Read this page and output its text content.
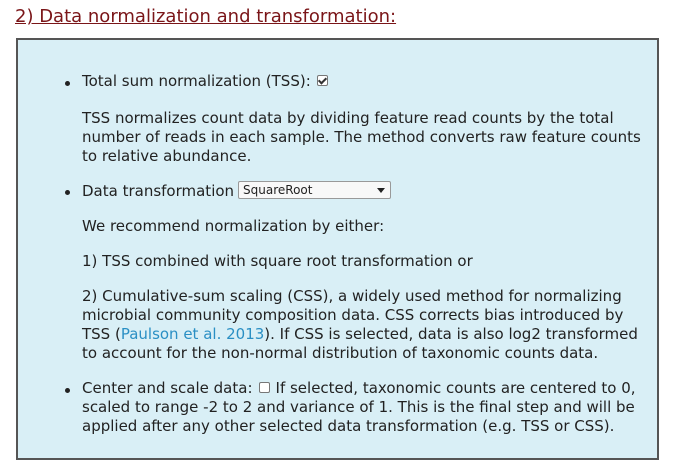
2) Data normalization and transformation:
Total sum normalization (TSS):

TSS normalizes count data by dividing feature read counts by the total number of reads in each sample. The method converts raw feature counts to relative abundance.

Data transformation SquareRoot

We recommend normalization by either:

1) TSS combined with square root transformation or

2) Cumulative-sum scaling (CSS), a widely used method for normalizing microbial community composition data. CSS corrects bias introduced by TSS (Paulson et al. 2013). If CSS is selected, data is also log2 transformed to account for the non-normal distribution of taxonomic counts data.

Center and scale data: If selected, taxonomic counts are centered to 0, scaled to range -2 to 2 and variance of 1. This is the final step and will be applied after any other selected data transformation (e.g. TSS or CSS).
